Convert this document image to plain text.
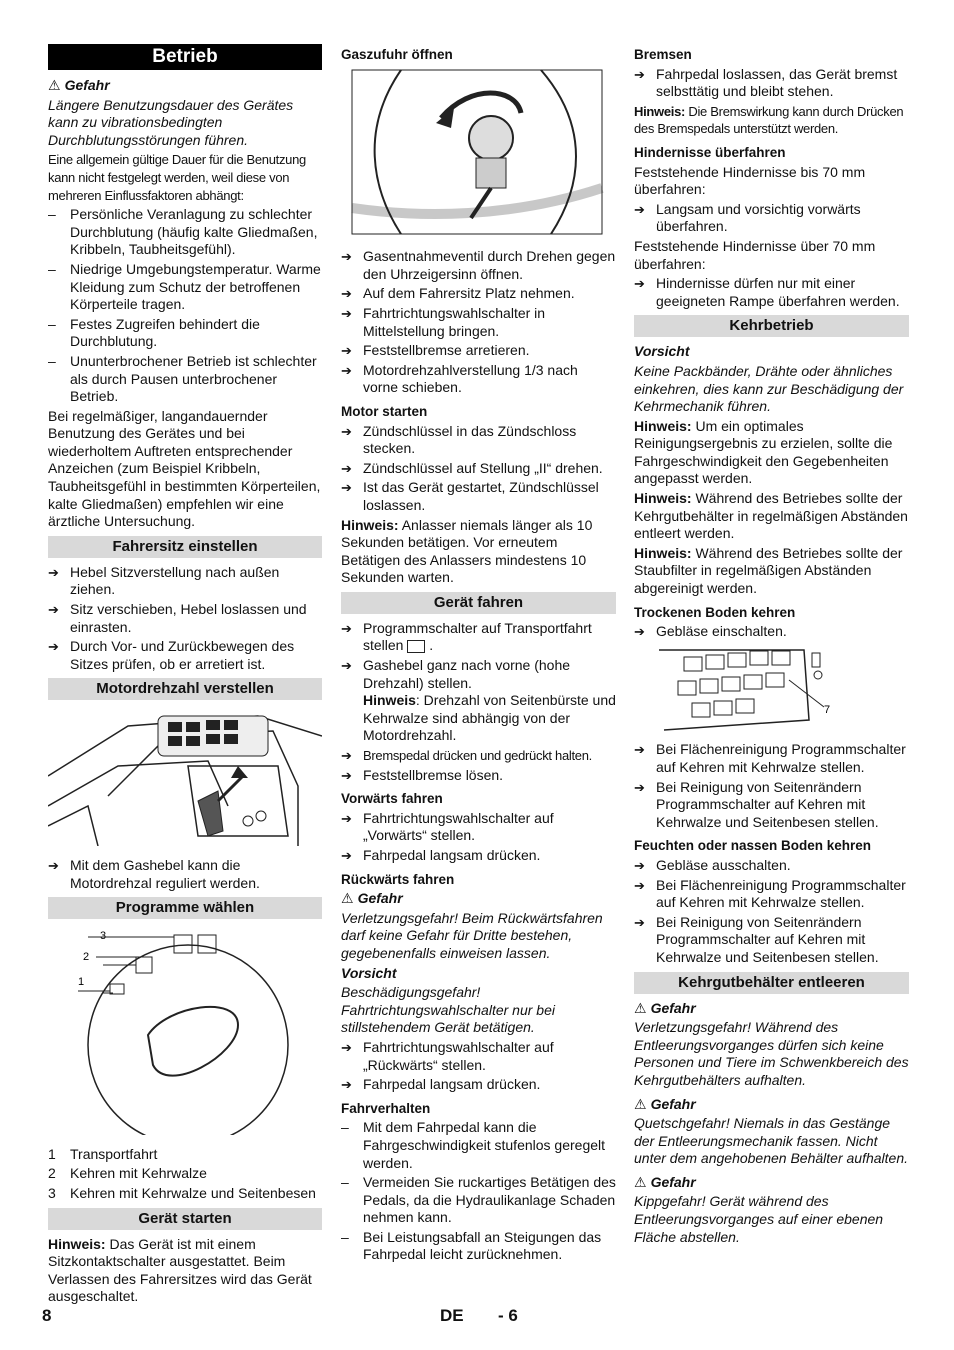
Betrieb
⚠ Gefahr
Längere Benutzungsdauer des Gerätes kann zu vibrationsbedingten Durchblutungsstörungen führen.
Eine allgemein gültige Dauer für die Benutzung kann nicht festgelegt werden, weil diese von mehreren Einflussfaktoren abhängt:
– Persönliche Veranlagung zu schlechter Durchblutung (häufig kalte Gliedmaßen, Kribbeln, Taubheitsgefühl).
– Niedrige Umgebungstemperatur. Warme Kleidung zum Schutz der betroffenen Körperteile tragen.
– Festes Zugreifen behindert die Durchblutung.
– Ununterbrochener Betrieb ist schlechter als durch Pausen unterbrochener Betrieb.
Bei regelmäßiger, langandauernder Benutzung des Gerätes und bei wiederholtem Auftreten entsprechender Anzeichen (zum Beispiel Kribbeln, Taubheitsgefühl in bestimmten Körperteilen, kalte Gliedmaßen) empfehlen wir eine ärztliche Untersuchung.
Fahrersitz einstellen
➔ Hebel Sitzverstellung nach außen ziehen.
➔ Sitz verschieben, Hebel loslassen und einrasten.
➔ Durch Vor- und Zurückbewegen des Sitzes prüfen, ob er arretiert ist.
Motordrehzahl verstellen
➔ Mit dem Gashebel kann die Motordrehzal reguliert werden.
Programme wählen
1
2
3
1 Transportfahrt
2 Kehren mit Kehrwalze
3 Kehren mit Kehrwalze und Seitenbesen
Gerät starten
Hinweis: Das Gerät ist mit einem Sitzkontaktschalter ausgestattet. Beim Verlassen des Fahrersitzes wird das Gerät ausgeschaltet.
Gaszufuhr öffnen
➔ Gasentnahmeventil durch Drehen gegen den Uhrzeigersinn öffnen.
➔ Auf dem Fahrersitz Platz nehmen.
➔ Fahrtrichtungswahlschalter in Mittelstellung bringen.
➔ Feststellbremse arretieren.
➔ Motordrehzahlverstellung 1/3 nach vorne schieben.
Motor starten
➔ Zündschlüssel in das Zündschloss stecken.
➔ Zündschlüssel auf Stellung „II“ drehen.
➔ Ist das Gerät gestartet, Zündschlüssel loslassen.
Hinweis: Anlasser niemals länger als 10 Sekunden betätigen. Vor erneutem Betätigen des Anlassers mindestens 10 Sekunden warten.
Gerät fahren
➔ Programmschalter auf Transportfahrt stellen  .
➔ Gashebel ganz nach vorne (hohe Drehzahl) stellen.
Hinweis: Drehzahl von Seitenbürste und Kehrwalze sind abhängig von der Motordrehzahl.
➔ Bremspedal drücken und gedrückt halten.
➔ Feststellbremse lösen.
Vorwärts fahren
➔ Fahrtrichtungswahlschalter auf „Vorwärts“ stellen.
➔ Fahrpedal langsam drücken.
Rückwärts fahren
⚠ Gefahr
Verletzungsgefahr! Beim Rückwärtsfahren darf keine Gefahr für Dritte bestehen, gegebenenfalls einweisen lassen.
Vorsicht
Beschädigungsgefahr! Fahrtrichtungswahlschalter nur bei stillstehendem Gerät betätigen.
➔ Fahrtrichtungswahlschalter auf „Rückwärts“ stellen.
➔ Fahrpedal langsam drücken.
Fahrverhalten
– Mit dem Fahrpedal kann die Fahrgeschwindigkeit stufenlos geregelt werden.
– Vermeiden Sie ruckartiges Betätigen des Pedals, da die Hydraulikanlage Schaden nehmen kann.
– Bei Leistungsabfall an Steigungen das Fahrpedal leicht zurücknehmen.
Bremsen
➔ Fahrpedal loslassen, das Gerät bremst selbsttätig und bleibt stehen.
Hinweis: Die Bremswirkung kann durch Drücken des Bremspedals unterstützt werden.
Hindernisse überfahren
Feststehende Hindernisse bis 70 mm überfahren:
➔ Langsam und vorsichtig vorwärts überfahren.
Feststehende Hindernisse über 70 mm überfahren:
➔ Hindernisse dürfen nur mit einer geeigneten Rampe überfahren werden.
Kehrbetrieb
Vorsicht
Keine Packbänder, Drähte oder ähnliches einkehren, dies kann zur Beschädigung der Kehrmechanik führen.
Hinweis: Um ein optimales Reinigungsergebnis zu erzielen, sollte die Fahrgeschwindigkeit den Gegebenheiten angepasst werden.
Hinweis: Während des Betriebes sollte der Kehrgutbehälter in regelmäßigen Abständen entleert werden.
Hinweis: Während des Betriebes sollte der Staubfilter in regelmäßigen Abständen abgereinigt werden.
Trockenen Boden kehren
➔ Gebläse einschalten.
7
➔ Bei Flächenreinigung Programmschalter auf Kehren mit Kehrwalze stellen.
➔ Bei Reinigung von Seitenrändern Programmschalter auf Kehren mit Kehrwalze und Seitenbesen stellen.
Feuchten oder nassen Boden kehren
➔ Gebläse ausschalten.
➔ Bei Flächenreinigung Programmschalter auf Kehren mit Kehrwalze stellen.
➔ Bei Reinigung von Seitenrändern Programmschalter auf Kehren mit Kehrwalze und Seitenbesen stellen.
Kehrgutbehälter entleeren
⚠ Gefahr
Verletzungsgefahr! Während des Entleerungsvorganges dürfen sich keine Personen und Tiere im Schwenkbereich des Kehrgutbehälters aufhalten.
⚠ Gefahr
Quetschgefahr! Niemals in das Gestänge der Entleerungsmechanik fassen. Nicht unter dem angehobenen Behälter aufhalten.
⚠ Gefahr
Kippgefahr! Gerät während des Entleerungsvorganges auf einer ebenen Fläche abstellen.
8	DE - 6
